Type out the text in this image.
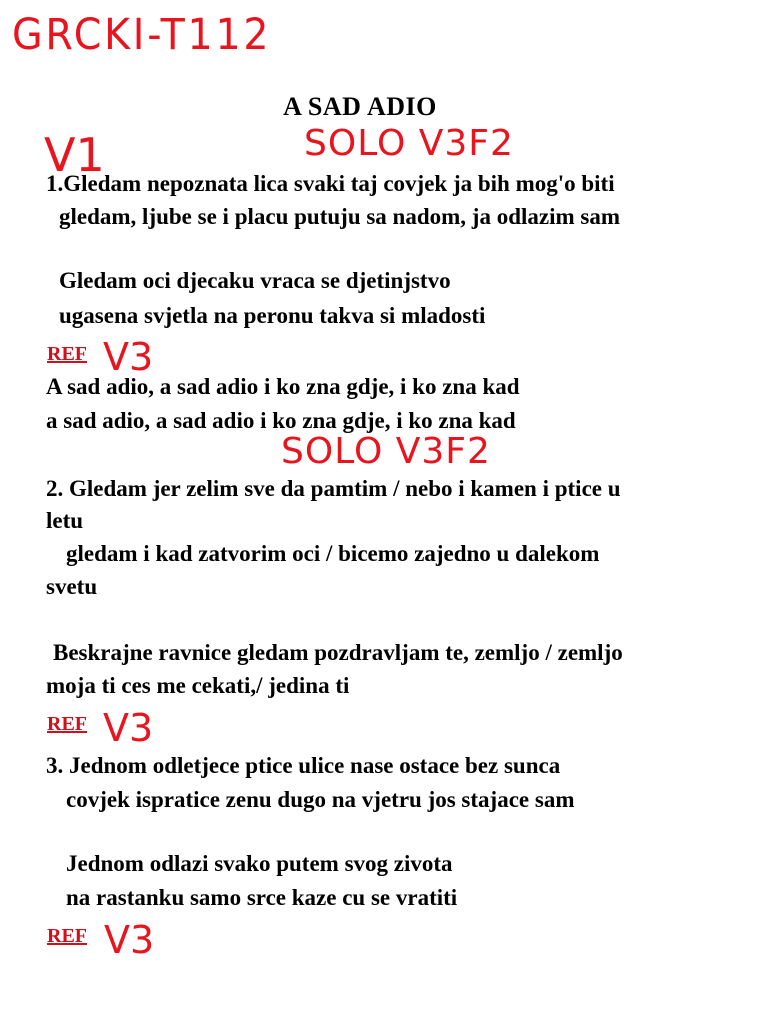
GRCKI-T112
V1	SOLO V3F2
SOLO V3F2
V3
V3
V3
A SAD ADIO
1.Gledam nepoznata lica svaki taj covjek ja bih mog'o biti
gledam, ljube se i placu putuju sa nadom, ja odlazim sam
Gledam oci djecaku vraca se djetinjstvo
ugasena svjetla na peronu takva si mladosti
REF
A sad adio, a sad adio i ko zna gdje, i ko zna kad
a sad adio, a sad adio i ko zna gdje, i ko zna kad
2. Gledam jer zelim sve da pamtim / nebo i kamen i ptice u
letu
gledam i kad zatvorim oci / bicemo zajedno u dalekom
svetu
Beskrajne ravnice gledam pozdravljam te, zemljo / zemljo
moja ti ces me cekati,/ jedina ti
REF
3. Jednom odletjece ptice ulice nase ostace bez sunca
covjek ispratice zenu dugo na vjetru jos stajace sam
Jednom odlazi svako putem svog zivota
na rastanku samo srce kaze cu se vratiti
REF
